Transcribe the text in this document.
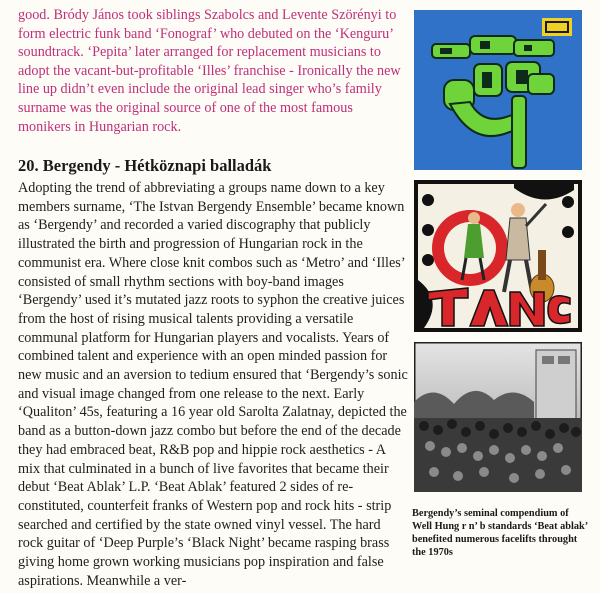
good. Bródy János took siblings Szabolcs and Levente Szörényi to form electric funk band ‘Fonograf’ who debuted on the ‘Kenguru’ soundtrack. ‘Pepita’ later arranged for replacement musicians to adopt the vacant-but-profitable ‘Illes’ franchise - Ironically the new line up didn’t even include the original lead singer who’s family surname was the original source of one of the most famous monikers in Hungarian rock.

20. Bergendy - Hétköznapi balladák

Adopting the trend of abbreviating a groups name down to a key members surname, ‘The Istvan Bergendy Ensemble’ became known as ‘Bergendy’ and recorded a varied discography that publicly illustrated the birth and progression of Hungarian rock in the communist era. Where close knit combos such as ‘Metro’ and ‘Illes’ consisted of small rhythm sections with boy-band images ‘Bergendy’ used it’s mutated jazz roots to syphon the creative juices from the host of rising musical talents providing a versatile communal platform for Hungarian players and vocalists. Years of combined talent and experience with an open minded passion for new music and an aversion to tedium ensured that ‘Bergendy’s sonic and visual image changed from one release to the next. Early ‘Qualiton’ 45s, featuring a 16 year old Sarolta Zalatnay, depicted the band as a button-down jazz combo but before the end of the decade they had embraced beat, R&B pop and hippie rock aesthetics - A mix that culminated in a bunch of live favorites that became their debut ‘Beat Ablak’ L.P. ‘Beat Ablak’ featured 2 sides of re-constituted, counterfeit franks of Western pop and rock hits - strip searched and certified by the state owned vinyl vessel. The hard rock guitar of ‘Deep Purple’s ‘Black Night’ became rasping brass giving home grown working musicians pop inspiration and false aspirations. Meanwhile a ver-

Bergendy’s seminal compendium of Well Hung r n’ b standards ‘Beat ablak’ benefited numerous facelifts throught the 1970s
